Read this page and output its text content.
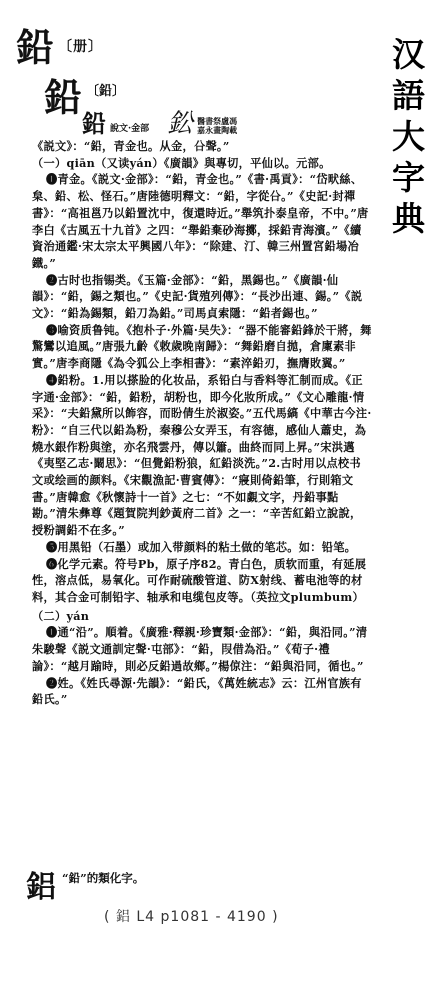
汉
語
大
字
典
鉛 〔册〕
鉛 〔鉛〕
鉛 說文·金部 鈆 醫書祭盧馮
嘉永畫陶載

《説文》：“鉛，青金也。从金，㕣聲。”

（一）qiān（又读yán）《廣韻》與專切，平仙以。元部。

❶青金。《説文·金部》：“鉛，青金也。”《書·禹貢》：“岱畎絲、枲、鉛、松、怪石。”唐陸德明釋文：“鉛，字從㕣。”《史記·封禪書》：“高祖邕乃以鉛置沈中，復還時近。”舉筑扑泰皇帝，不中。”唐李白《古風五十九首》之四：“舉鉛棄砂海擲，採鉛青海濱。”《續資治通鑑·宋太宗太平興國八年》：“除建、汀、韓三州置宮鉛場冶鐵。”

❷古时也指锡类。《玉篇·金部》：“鉛，黑錫也。”《廣韻·仙韻》：“鉛，錫之類也。”《史記·貨殖列傳》：“長沙出連、錫。”《説文》：“鉛為錫類，鉛刀為鉛。”司馬貞索隱：“鉛者錫也。”

❸喻资质鲁钝。《抱朴子·外篇·吴失》：“器不能審鉛鋒於干將，舞驚鸞以追風。”唐張九齡《敕歲晚南歸》：“舞鉛磨自拋，倉廩素非實。”唐李商隱《為令狐公上李相書》：“素淬鉛刃，撫膺敗翼。”

❹鉛粉。1.用以搽脸的化妆品，系铅白与香料等汇制而成。《正字通·金部》：“鉛，鉛粉，胡粉也，即今化妝所成。”《文心雕龍·情采》：“夫鉛黛所以飾容，而盼倩生於淑姿。”五代馬縞《中華古今注·粉》：“自三代以鉛為粉，秦穆公女弄玉，有容德，感仙人蕭史，為燒水銀作粉與塗，亦名飛雲丹，傳以簫。曲終而同上昇。”宋洪邁《夷堅乙志·闞思》：“但覺鉛粉狼，紅鉛淡洗。”2.古时用以点校书文或绘画的颜料。《宋觀漁記·曹賓傳》：“寢則倚鉛筆，行則箱文書。”唐韓愈《秋懷詩十一首》之七：“不如覷文字，丹鉛事點勘。”清朱彝尊《題賀院判鈔黃府二首》之一：“辛苦紅鉛立說說，授粉調鉛不在多。”

❺用黑铅（石墨）或加入带颜料的粘土做的笔芯。如：铅笔。

❻化学元素。符号Pb，原子序82。青白色，质软而重，有延展性，溶点低，易氧化。可作耐硫酸管道、防X射线、蓄电池等的材料，其合金可制铅字、轴承和电缆包皮等。（英拉文plumbum）

（二）yán

❶通“沿”。順着。《廣雅·釋親·珍寶類·金部》：“鉛，與沿同。”清朱駿聲《説文通訓定聲·屯部》：“鉛，叚借為沿。”《荀子·禮論》：“越月踰時，則必反鉛過故鄉。”楊倞注：“鉛與沿同，循也。”

❷姓。《姓氏尋源·先韻》：“鉛氏，《萬姓統志》云：江州官族有鉛氏。”

鋁 “鉛”的類化字。
( 鋁 L4 p1081 - 4190 )
